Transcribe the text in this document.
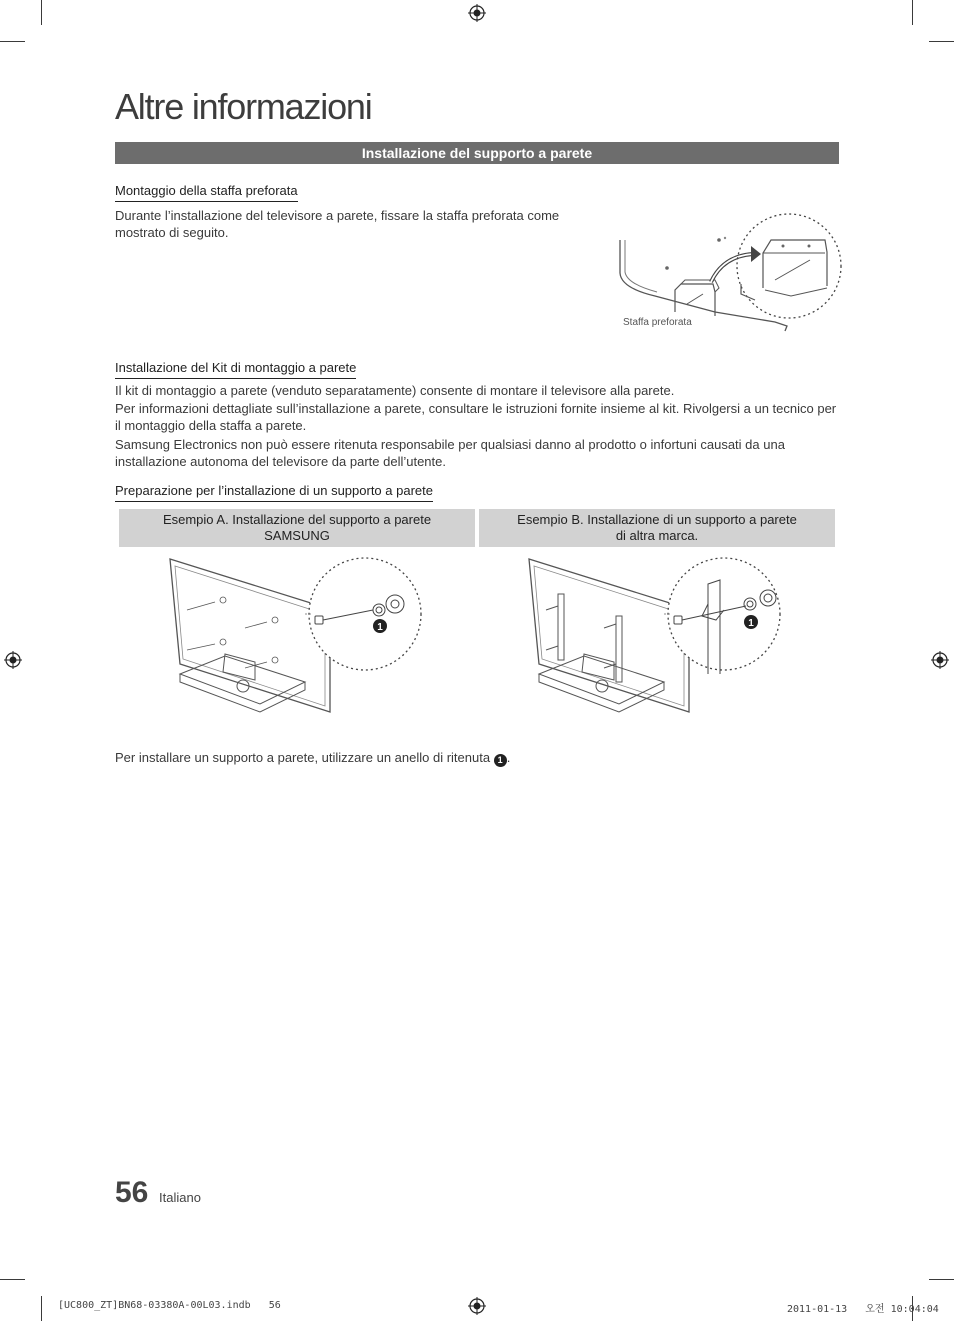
Altre informazioni
Installazione del supporto a parete
Montaggio della staffa preforata

Durante l’installazione del televisore a parete, fissare la staffa preforata come mostrato di seguito.

Staffa preforata
Installazione del Kit di montaggio a parete

Il kit di montaggio a parete (venduto separatamente) consente di montare il televisore alla parete.

Per informazioni dettagliate sull’installazione a parete, consultare le istruzioni fornite insieme al kit. Rivolgersi a un tecnico per il montaggio della staffa a parete.

Samsung Electronics non può essere ritenuta responsabile per qualsiasi danno al prodotto o infortuni causati da una installazione autonoma del televisore da parte dell’utente.

Preparazione per l’installazione di un supporto a parete
Esempio A. Installazione del supporto a parete
SAMSUNG
Esempio B. Installazione di un supporto a parete
di altra marca.
1	1

Per installare un supporto a parete, utilizzare un anello di ritenuta 1 .

56 Italiano
[UC800_ZT]BN68-03380A-00L03.indb   56	2011-01-13   오전 10:04:04
